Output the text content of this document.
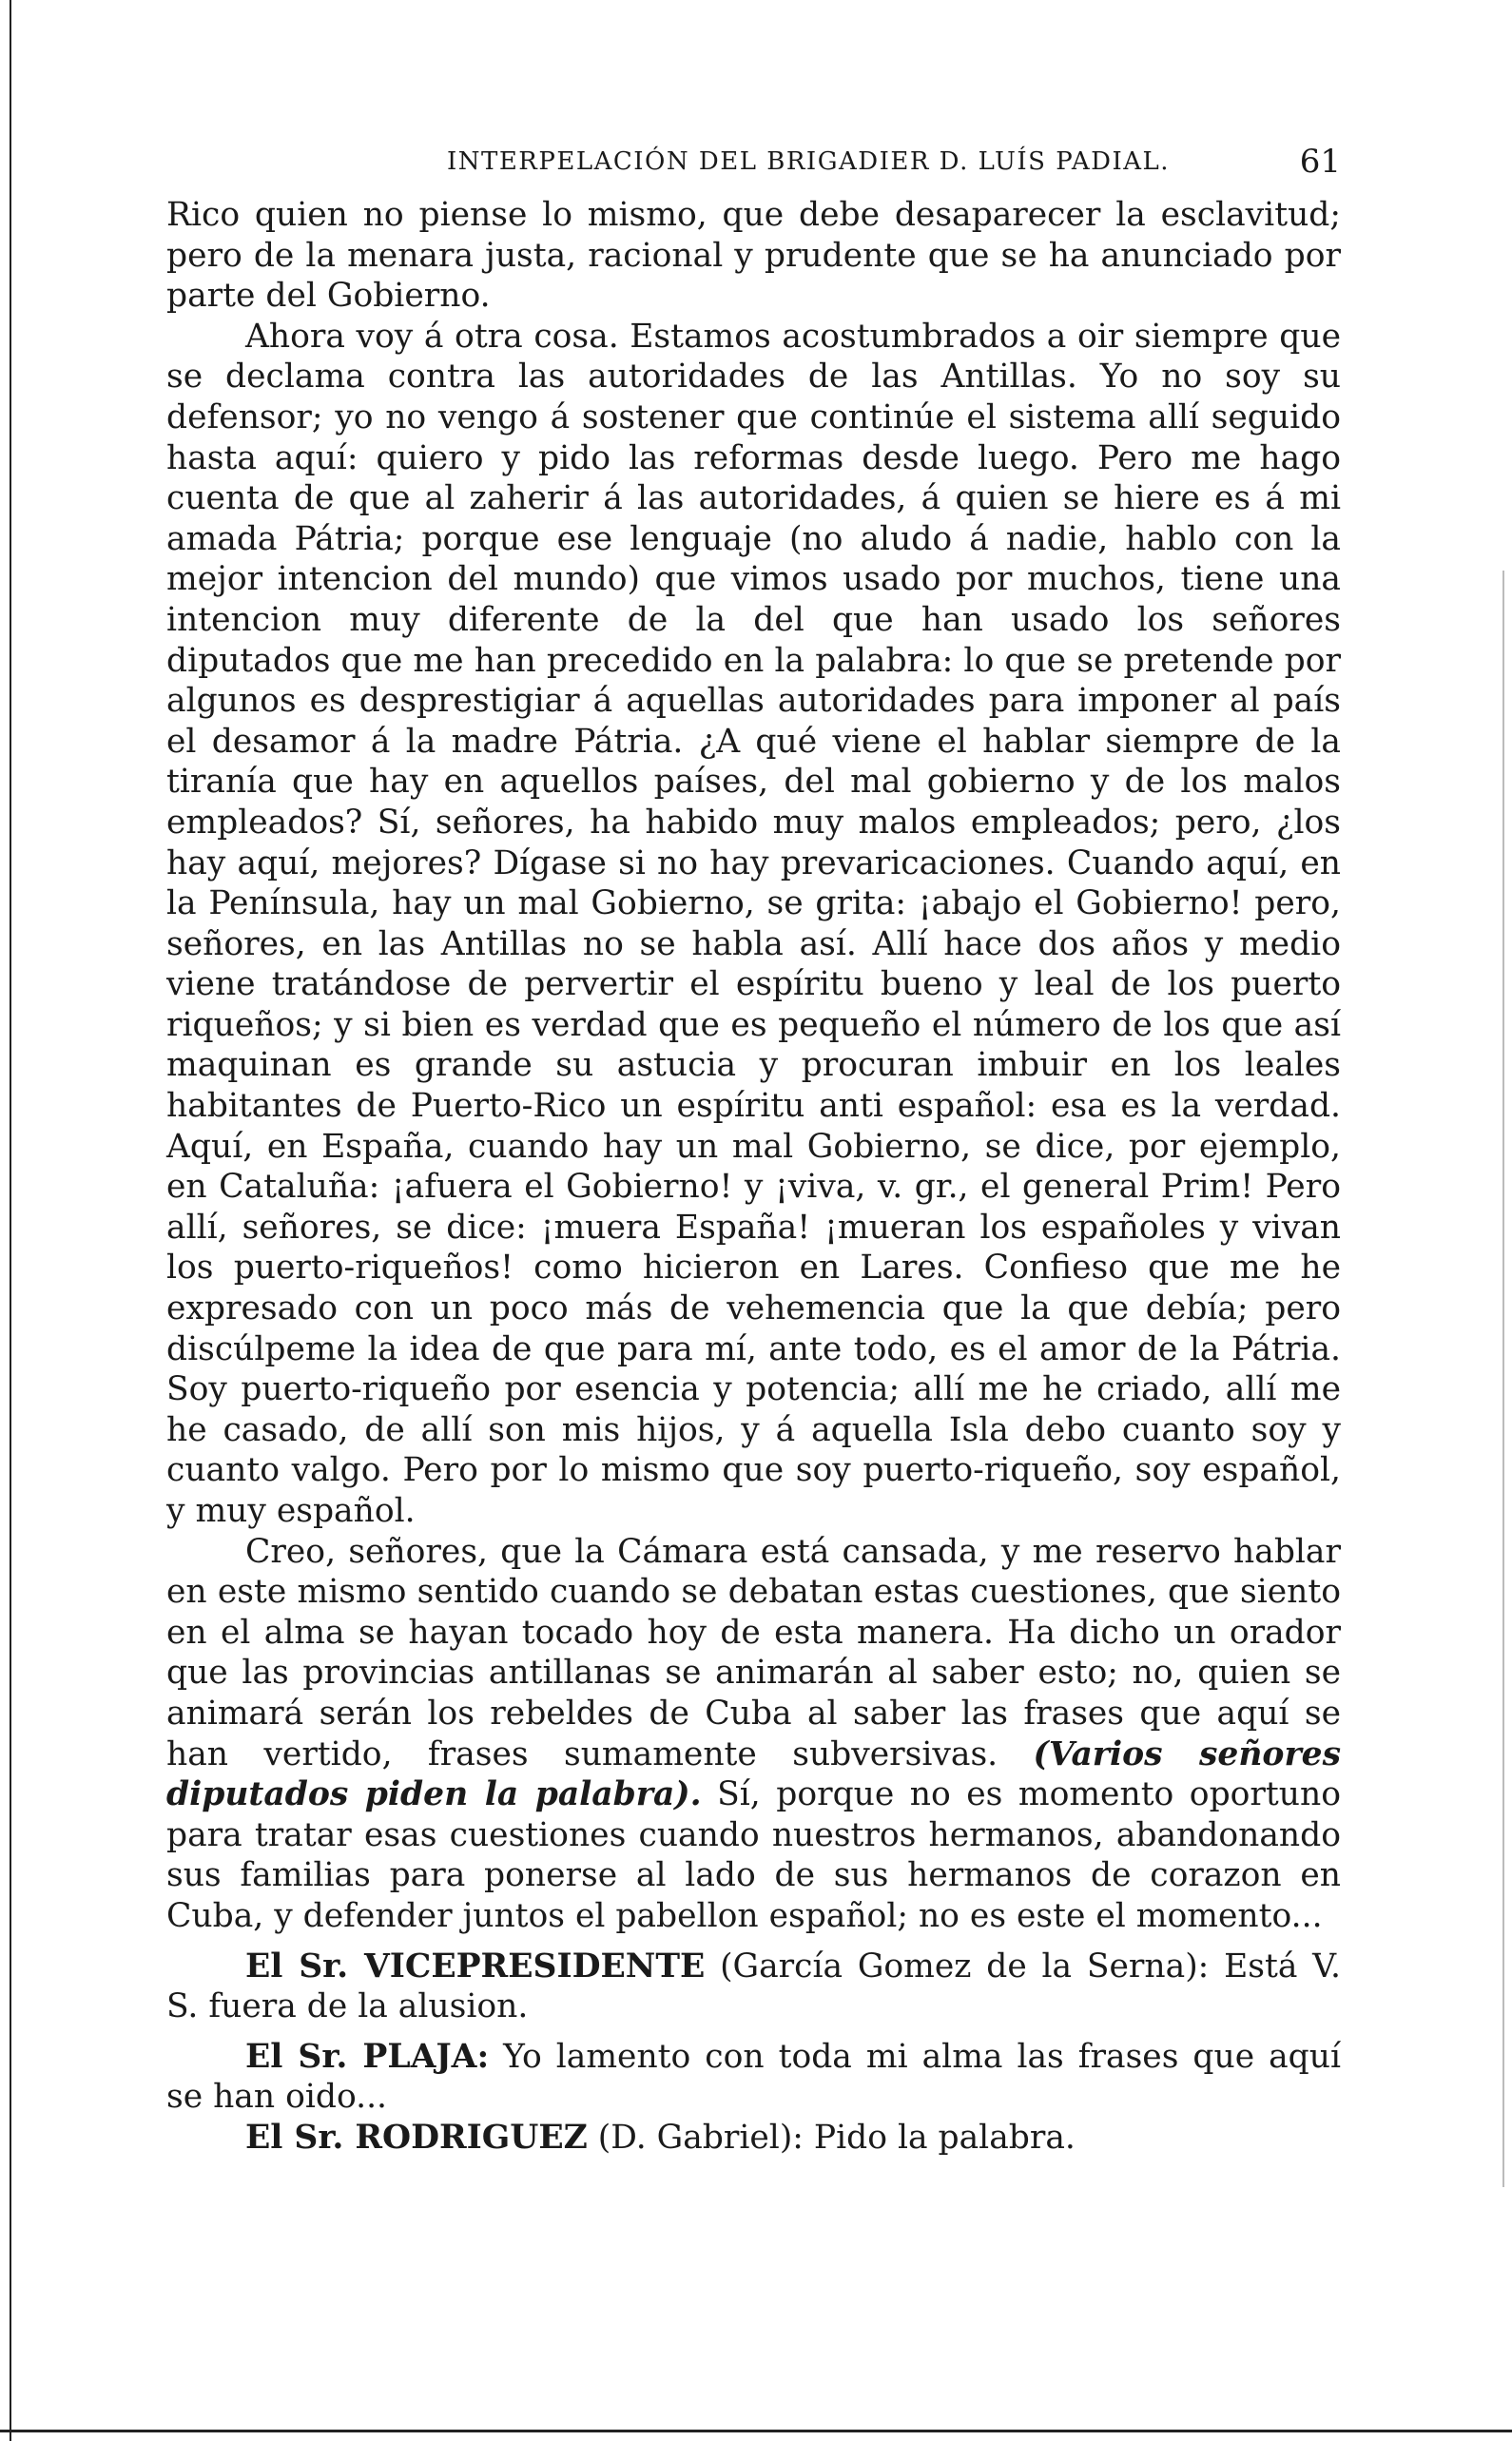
INTERPELACIÓN DEL BRIGADIER D. LUÍS PADIAL.	61

Rico quien no piense lo mismo, que debe desaparecer la esclavitud; pero de la menara justa, racional y prudente que se ha anunciado por parte del Gobierno.

Ahora voy á otra cosa. Estamos acostumbrados a oir siempre que se declama contra las autoridades de las Antillas. Yo no soy su defensor; yo no vengo á sostener que continúe el sistema allí seguido hasta aquí: quiero y pido las reformas desde luego. Pero me hago cuenta de que al zaherir á las autoridades, á quien se hiere es á mi amada Pátria; porque ese lenguaje (no aludo á nadie, hablo con la mejor intencion del mundo) que vimos usado por muchos, tiene una intencion muy diferente de la del que han usado los señores diputados que me han precedido en la palabra: lo que se pretende por algunos es desprestigiar á aquellas autoridades para imponer al país el desamor á la madre Pátria. ¿A qué viene el hablar siempre de la tiranía que hay en aquellos países, del mal gobierno y de los malos empleados? Sí, señores, ha habido muy malos empleados; pero, ¿los hay aquí, mejores? Dígase si no hay prevaricaciones. Cuando aquí, en la Península, hay un mal Gobierno, se grita: ¡abajo el Gobierno! pero, señores, en las Antillas no se habla así. Allí hace dos años y medio viene tratándose de pervertir el espíritu bueno y leal de los puerto riqueños; y si bien es verdad que es pequeño el número de los que así maquinan es grande su astucia y procuran imbuir en los leales habitantes de Puerto-Rico un espíritu anti español: esa es la verdad. Aquí, en España, cuando hay un mal Gobierno, se dice, por ejemplo, en Cataluña: ¡afuera el Gobierno! y ¡viva, v. gr., el general Prim! Pero allí, señores, se dice: ¡muera España! ¡mueran los españoles y vivan los puerto-riqueños! como hicieron en Lares. Confieso que me he expresado con un poco más de vehemencia que la que debía; pero discúlpeme la idea de que para mí, ante todo, es el amor de la Pátria. Soy puerto-riqueño por esencia y potencia; allí me he criado, allí me he casado, de allí son mis hijos, y á aquella Isla debo cuanto soy y cuanto valgo. Pero por lo mismo que soy puerto-riqueño, soy español, y muy español.

Creo, señores, que la Cámara está cansada, y me reservo hablar en este mismo sentido cuando se debatan estas cuestiones, que siento en el alma se hayan tocado hoy de esta manera. Ha dicho un orador que las provincias antillanas se animarán al saber esto; no, quien se animará serán los rebeldes de Cuba al saber las frases que aquí se han vertido, frases sumamente subversivas. (Varios señores diputados piden la palabra). Sí, porque no es momento oportuno para tratar esas cuestiones cuando nuestros hermanos, abandonando sus familias para ponerse al lado de sus hermanos de corazon en Cuba, y defender juntos el pabellon español; no es este el momento...

El Sr. VICEPRESIDENTE (García Gomez de la Serna): Está V. S. fuera de la alusion.

El Sr. PLAJA: Yo lamento con toda mi alma las frases que aquí se han oido...

El Sr. RODRIGUEZ (D. Gabriel): Pido la palabra.
